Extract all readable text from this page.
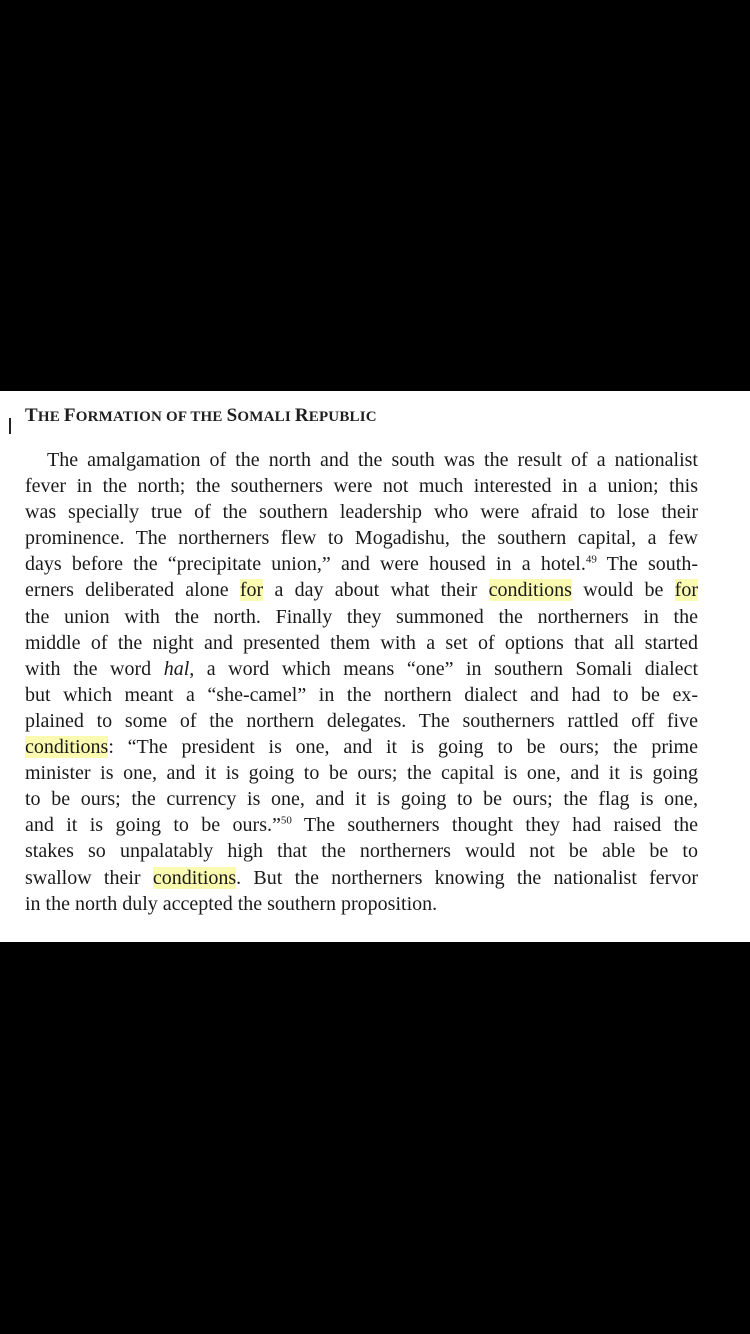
THE FORMATION OF THE SOMALI REPUBLIC
The amalgamation of the north and the south was the result of a nationalist
fever in the north; the southerners were not much interested in a union; this
was specially true of the southern leadership who were afraid to lose their
prominence. The northerners flew to Mogadishu, the southern capital, a few
days before the “precipitate union,” and were housed in a hotel.$^{49}$ The south-
erners deliberated alone for a day about what their conditions would be for
the union with the north. Finally they summoned the northerners in the
middle of the night and presented them with a set of options that all started
with the word hal, a word which means “one” in southern Somali dialect
but which meant a “she-camel” in the northern dialect and had to be ex-
plained to some of the northern delegates. The southerners rattled off five
conditions: “The president is one, and it is going to be ours; the prime
minister is one, and it is going to be ours; the capital is one, and it is going
to be ours; the currency is one, and it is going to be ours; the flag is one,
and it is going to be ours.”$^{50}$ The southerners thought they had raised the
stakes so unpalatably high that the northerners would not be able be to
swallow their conditions. But the northerners knowing the nationalist fervor
in the north duly accepted the southern proposition.
